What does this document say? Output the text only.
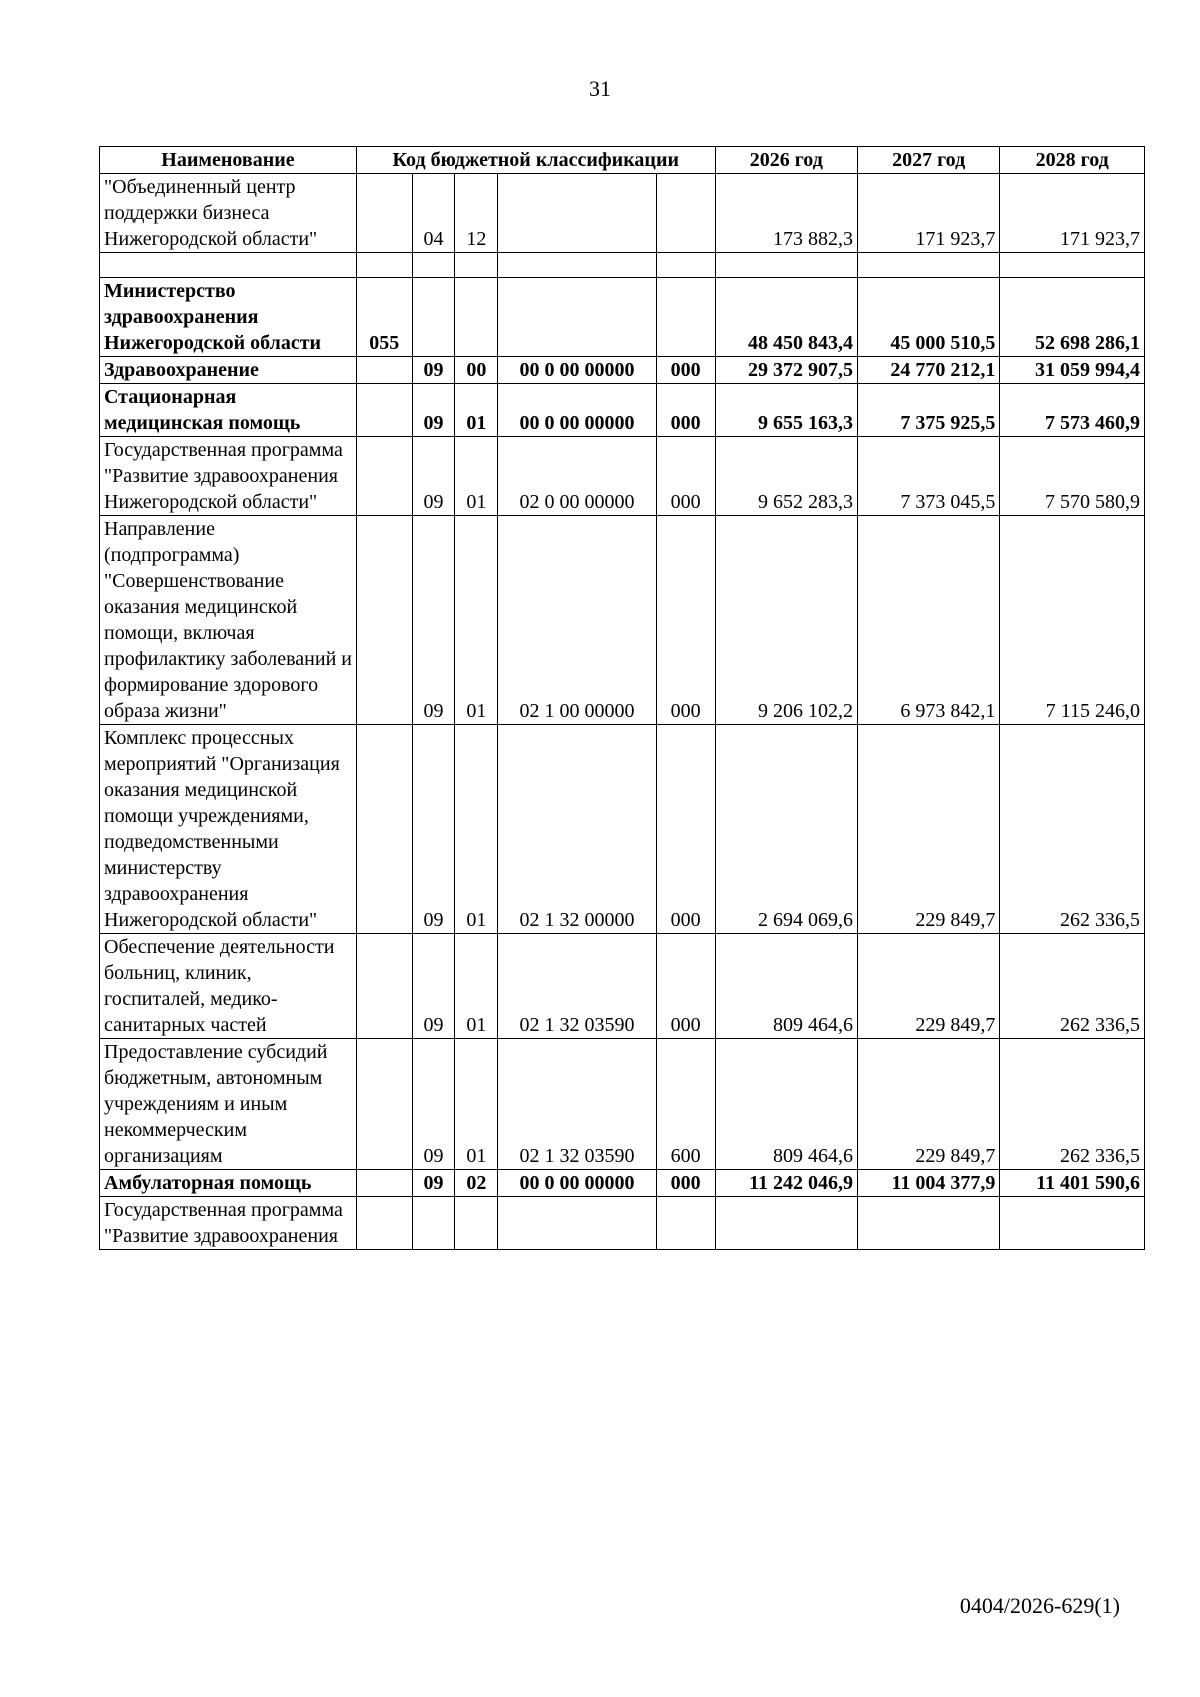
31
Наименование	Код бюджетной классификации					2026 год	2027 год	2028 год
"Объединенный центр поддержки бизнеса Нижегородской области"		04	12			173 882,3	171 923,7	171 923,7

Министерство здравоохранения Нижегородской области	055					48 450 843,4	45 000 510,5	52 698 286,1
Здравоохранение		09	00	00 0 00 00000	000	29 372 907,5	24 770 212,1	31 059 994,4
Стационарная медицинская помощь		09	01	00 0 00 00000	000	9 655 163,3	7 375 925,5	7 573 460,9
Государственная программа "Развитие здравоохранения Нижегородской области"		09	01	02 0 00 00000	000	9 652 283,3	7 373 045,5	7 570 580,9
Направление (подпрограмма) "Совершенствование оказания медицинской помощи, включая профилактику заболеваний и формирование здорового образа жизни"		09	01	02 1 00 00000	000	9 206 102,2	6 973 842,1	7 115 246,0
Комплекс процессных мероприятий "Организация оказания медицинской помощи учреждениями, подведомственными министерству здравоохранения Нижегородской области"		09	01	02 1 32 00000	000	2 694 069,6	229 849,7	262 336,5
Обеспечение деятельности больниц, клиник, госпиталей, медико-санитарных частей		09	01	02 1 32 03590	000	809 464,6	229 849,7	262 336,5
Предоставление субсидий бюджетным, автономным учреждениям и иным некоммерческим организациям		09	01	02 1 32 03590	600	809 464,6	229 849,7	262 336,5
Амбулаторная помощь		09	02	00 0 00 00000	000	11 242 046,9	11 004 377,9	11 401 590,6
Государственная программа "Развитие здравоохранения								
0404/2026-629(1)
